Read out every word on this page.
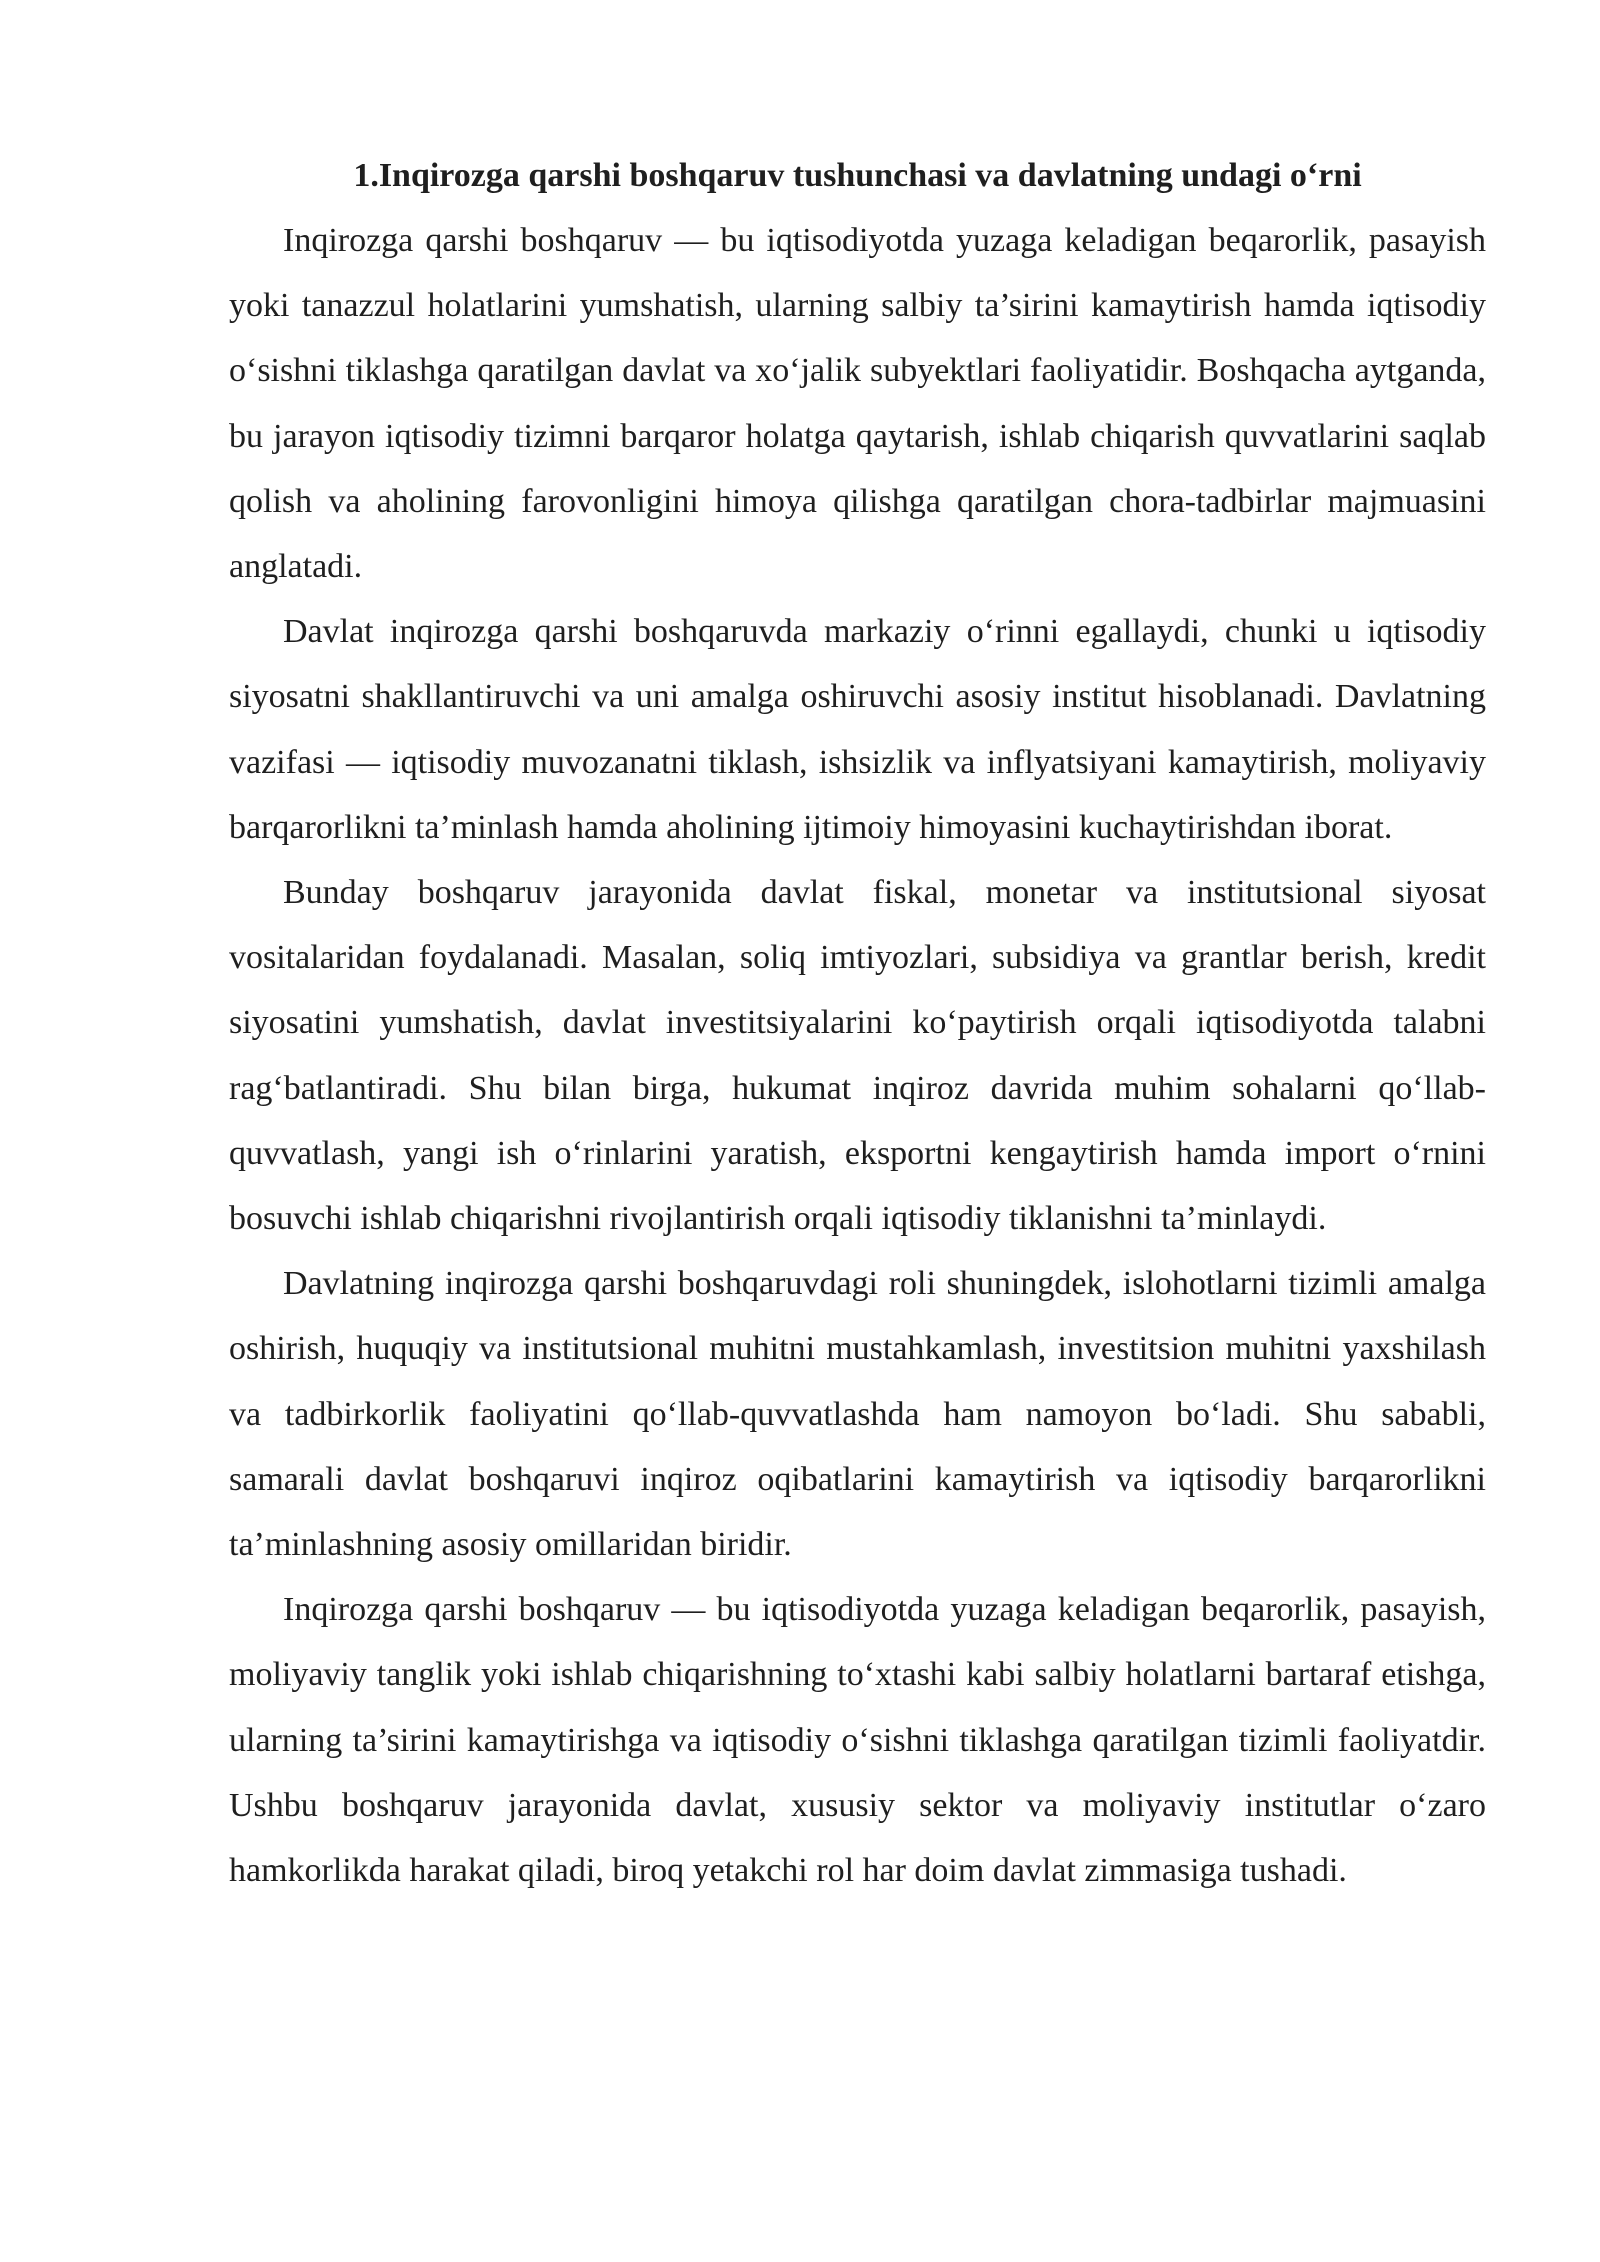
1.Inqirozga qarshi boshqaruv tushunchasi va davlatning undagi o‘rni

Inqirozga qarshi boshqaruv — bu iqtisodiyotda yuzaga keladigan beqarorlik, pasayish yoki tanazzul holatlarini yumshatish, ularning salbiy ta’sirini kamaytirish hamda iqtisodiy o‘sishni tiklashga qaratilgan davlat va xo‘jalik subyektlari faoliyatidir. Boshqacha aytganda, bu jarayon iqtisodiy tizimni barqaror holatga qaytarish, ishlab chiqarish quvvatlarini saqlab qolish va aholining farovonligini himoya qilishga qaratilgan chora-tadbirlar majmuasini anglatadi.

Davlat inqirozga qarshi boshqaruvda markaziy o‘rinni egallaydi, chunki u iqtisodiy siyosatni shakllantiruvchi va uni amalga oshiruvchi asosiy institut hisoblanadi. Davlatning vazifasi — iqtisodiy muvozanatni tiklash, ishsizlik va inflyatsiyani kamaytirish, moliyaviy barqarorlikni ta’minlash hamda aholining ijtimoiy himoyasini kuchaytirishdan iborat.

Bunday boshqaruv jarayonida davlat fiskal, monetar va institutsional siyosat vositalaridan foydalanadi. Masalan, soliq imtiyozlari, subsidiya va grantlar berish, kredit siyosatini yumshatish, davlat investitsiyalarini ko‘paytirish orqali iqtisodiyotda talabni rag‘batlantiradi. Shu bilan birga, hukumat inqiroz davrida muhim sohalarni qo‘llab-quvvatlash, yangi ish o‘rinlarini yaratish, eksportni kengaytirish hamda import o‘rnini bosuvchi ishlab chiqarishni rivojlantirish orqali iqtisodiy tiklanishni ta’minlaydi.

Davlatning inqirozga qarshi boshqaruvdagi roli shuningdek, islohotlarni tizimli amalga oshirish, huquqiy va institutsional muhitni mustahkamlash, investitsion muhitni yaxshilash va tadbirkorlik faoliyatini qo‘llab-quvvatlashda ham namoyon bo‘ladi. Shu sababli, samarali davlat boshqaruvi inqiroz oqibatlarini kamaytirish va iqtisodiy barqarorlikni ta’minlashning asosiy omillaridan biridir.

Inqirozga qarshi boshqaruv — bu iqtisodiyotda yuzaga keladigan beqarorlik, pasayish, moliyaviy tanglik yoki ishlab chiqarishning to‘xtashi kabi salbiy holatlarni bartaraf etishga, ularning ta’sirini kamaytirishga va iqtisodiy o‘sishni tiklashga qaratilgan tizimli faoliyatdir. Ushbu boshqaruv jarayonida davlat, xususiy sektor va moliyaviy institutlar o‘zaro hamkorlikda harakat qiladi, biroq yetakchi rol har doim davlat zimmasiga tushadi.
